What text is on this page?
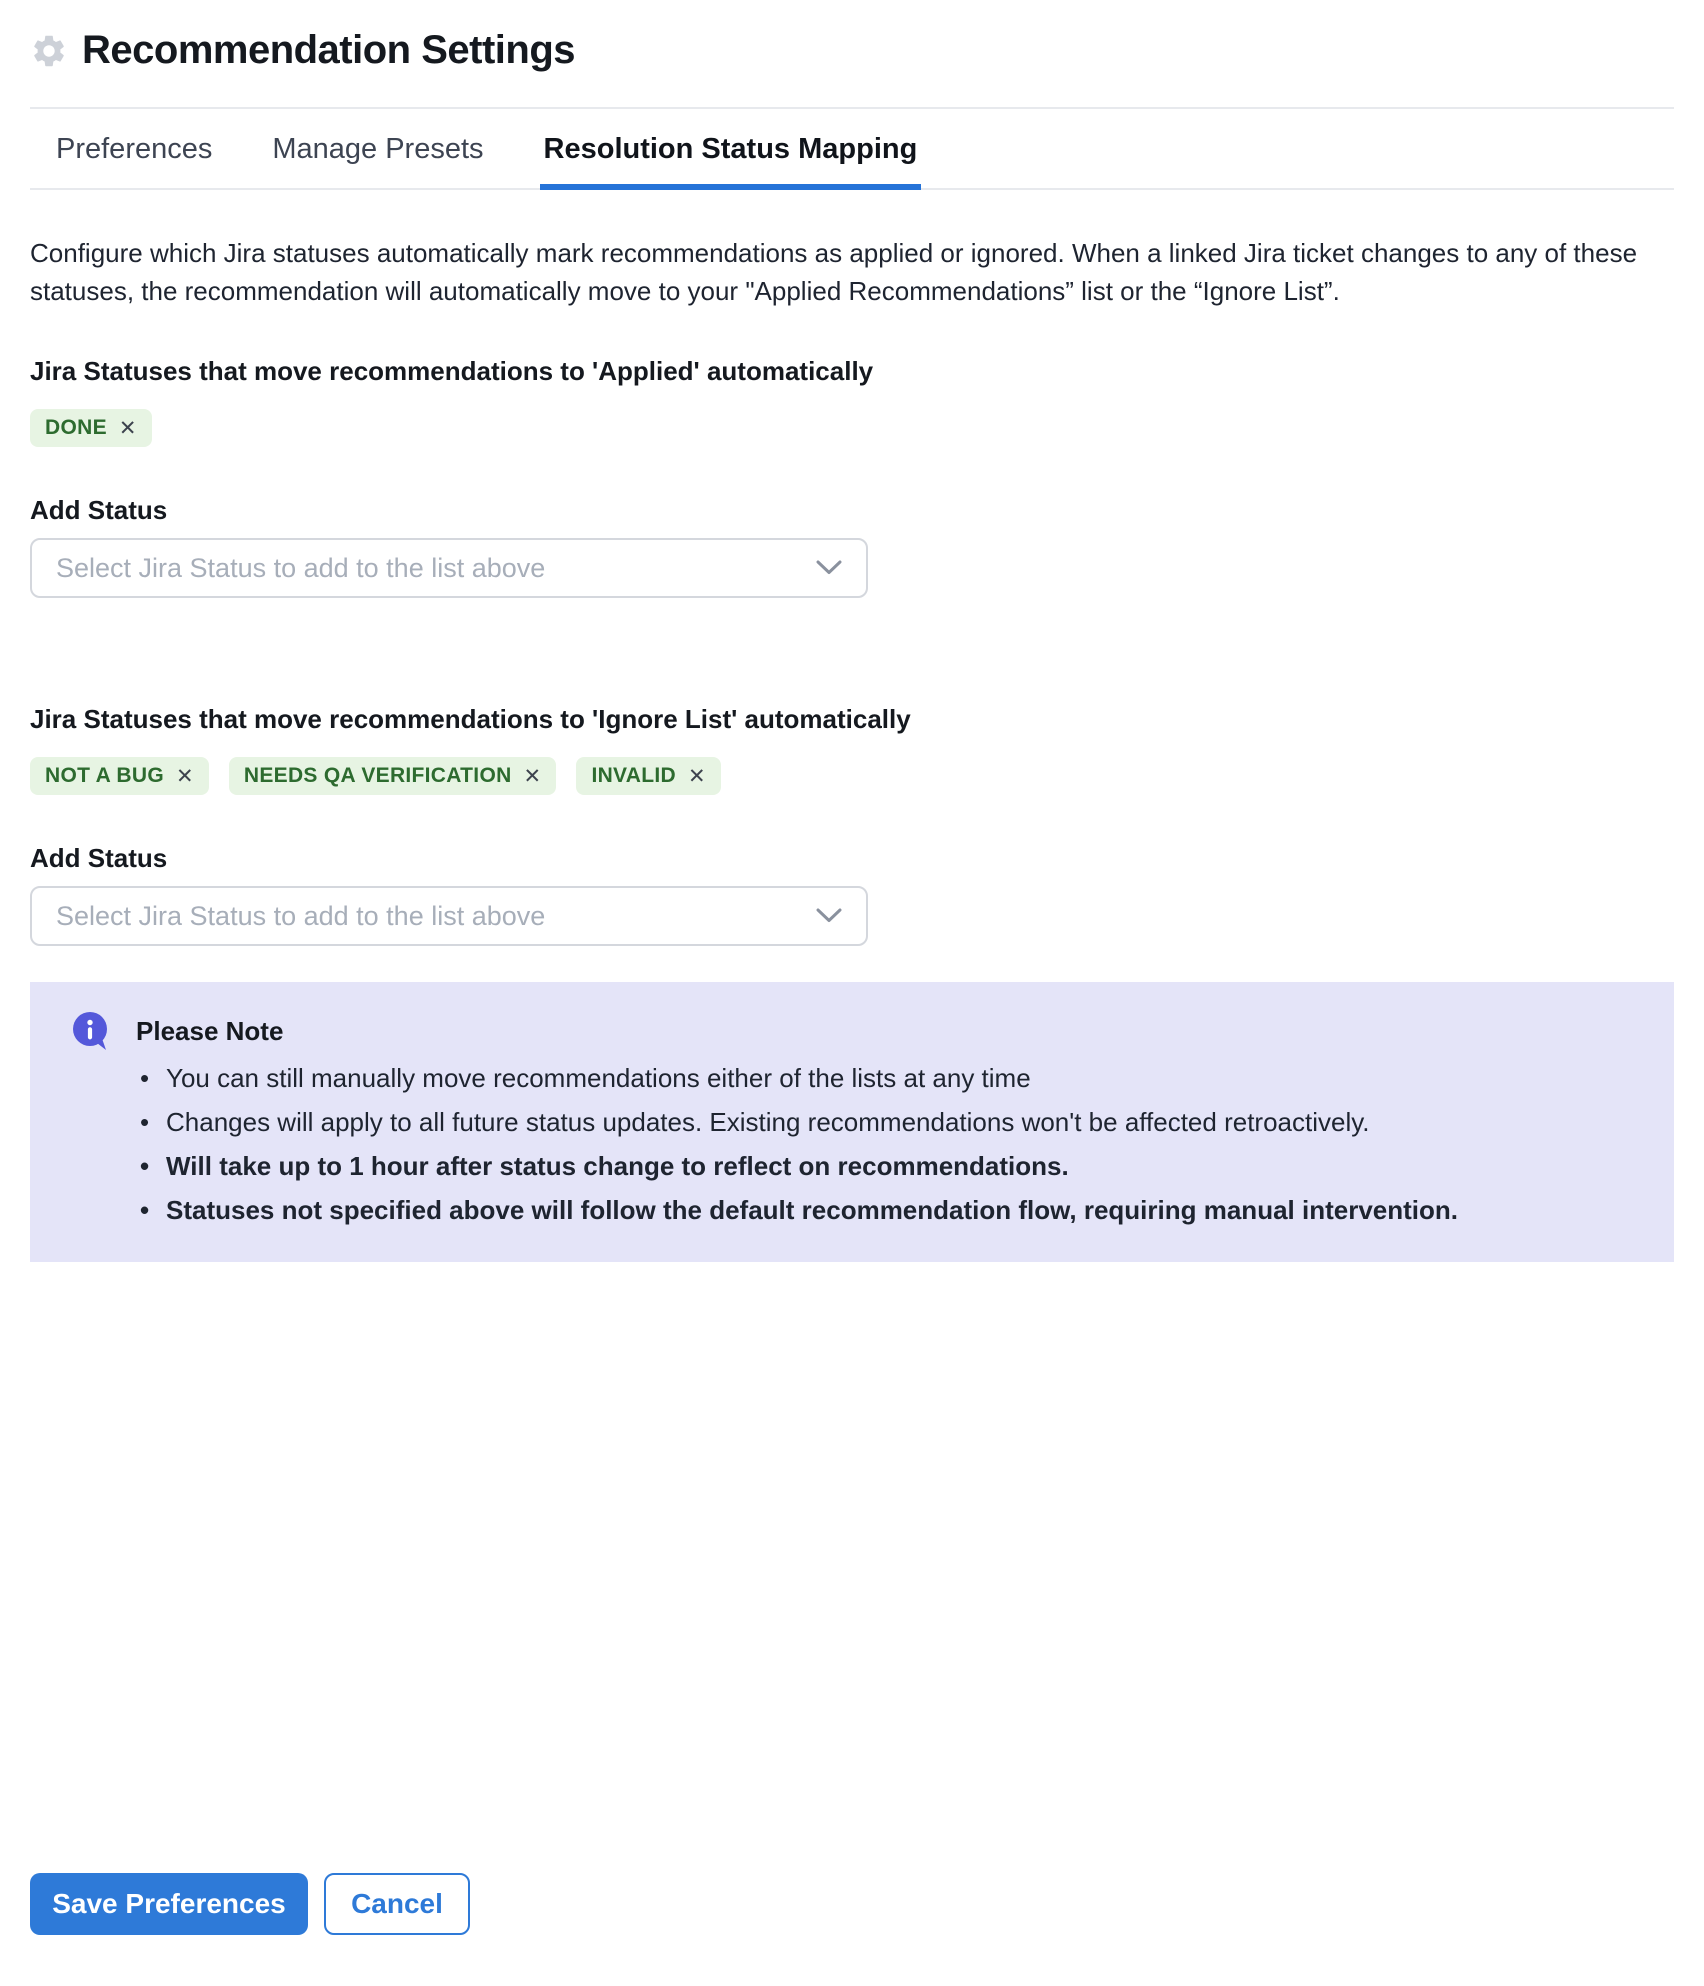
Recommendation Settings
Preferences Manage Presets Resolution Status Mapping

Configure which Jira statuses automatically mark recommendations as applied or ignored. When a linked Jira ticket changes to any of these statuses, the recommendation will automatically move to your "Applied Recommendations” list or the “Ignore List”.

Jira Statuses that move recommendations to 'Applied' automatically
DONE ✕
Add Status
Select Jira Status to add to the list above
Jira Statuses that move recommendations to 'Ignore List' automatically
NOT A BUG ✕ NEEDS QA VERIFICATION ✕ INVALID ✕
Add Status
Select Jira Status to add to the list above
Please Note
• You can still manually move recommendations either of the lists at any time
• Changes will apply to all future status updates. Existing recommendations won't be affected retroactively.
• Will take up to 1 hour after status change to reflect on recommendations.
• Statuses not specified above will follow the default recommendation flow, requiring manual intervention.
Save Preferences	Cancel
